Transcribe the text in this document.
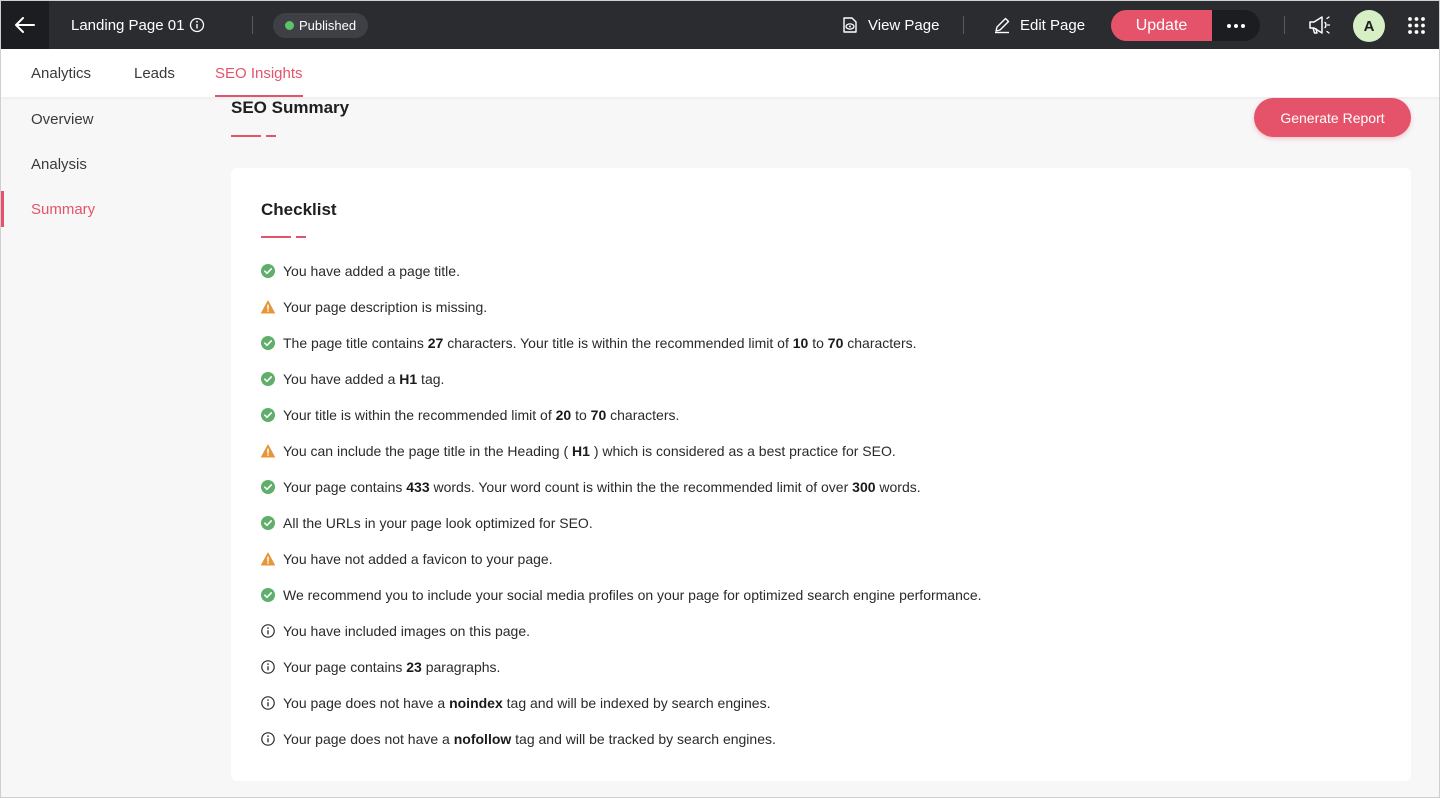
Landing Page 01	Published	View Page	Edit Page	Update	A
Analytics	Leads	SEO Insights
Overview
Analysis
Summary
SEO Summary
Generate Report
Checklist
You have added a page title.
Your page description is missing.
The page title contains 27 characters. Your title is within the recommended limit of 10 to 70 characters.
You have added a H1 tag.
Your title is within the recommended limit of 20 to 70 characters.
You can include the page title in the Heading ( H1 ) which is considered as a best practice for SEO.
Your page contains 433 words. Your word count is within the the recommended limit of over 300 words.
All the URLs in your page look optimized for SEO.
You have not added a favicon to your page.
We recommend you to include your social media profiles on your page for optimized search engine performance.
You have included images on this page.
Your page contains 23 paragraphs.
You page does not have a noindex tag and will be indexed by search engines.
Your page does not have a nofollow tag and will be tracked by search engines.
